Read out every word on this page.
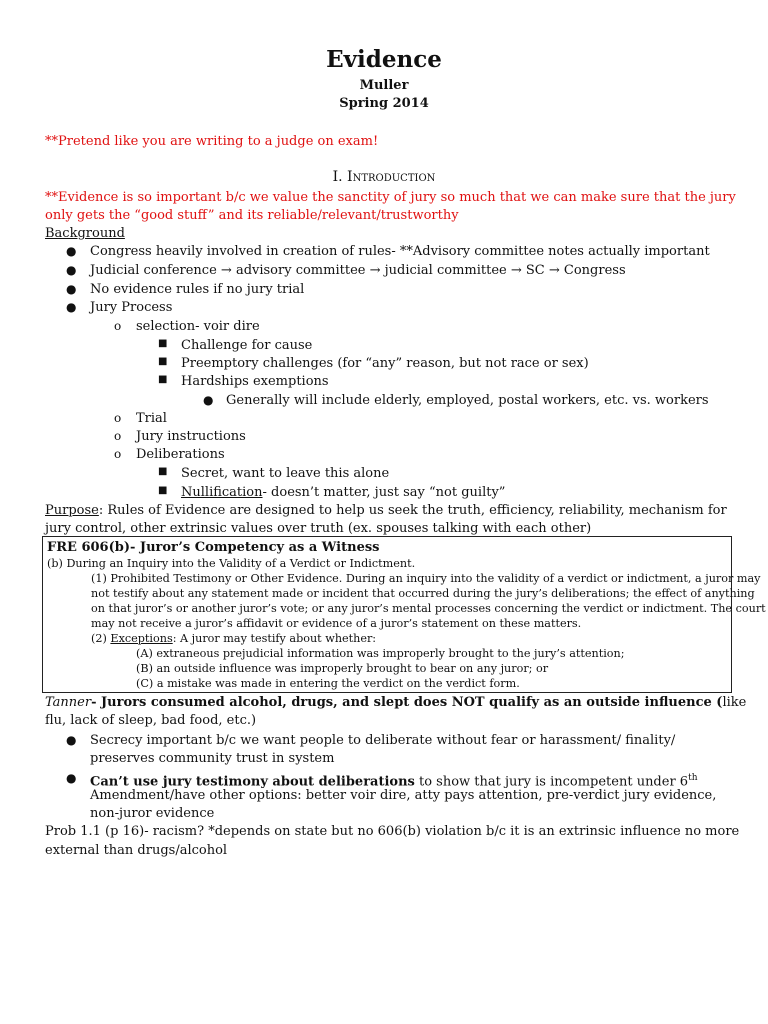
Evidence
Muller
Spring 2014
**Pretend like you are writing to a judge on exam!
I. Introduction
**Evidence is so important b/c we value the sanctity of jury so much that we can make sure that the jury
only gets the “good stuff” and its reliable/relevant/trustworthy
Background
● Congress heavily involved in creation of rules- **Advisory committee notes actually important
● Judicial conference → advisory committee → judicial committee → SC → Congress
● No evidence rules if no jury trial
● Jury Process
o selection- voir dire
■ Challenge for cause
■ Preemptory challenges (for “any” reason, but not race or sex)
■ Hardships exemptions
● Generally will include elderly, employed, postal workers, etc. vs. workers
o Trial
o Jury instructions
o Deliberations
■ Secret, want to leave this alone
■ Nullification- doesn’t matter, just say “not guilty”
Purpose: Rules of Evidence are designed to help us seek the truth, efficiency, reliability, mechanism for
jury control, other extrinsic values over truth (ex. spouses talking with each other)
FRE 606(b)- Juror’s Competency as a Witness
(b) During an Inquiry into the Validity of a Verdict or Indictment.
(1) Prohibited Testimony or Other Evidence. During an inquiry into the validity of a verdict or indictment, a juror may
not testify about any statement made or incident that occurred during the jury’s deliberations; the effect of anything
on that juror’s or another juror’s vote; or any juror’s mental processes concerning the verdict or indictment. The court
may not receive a juror’s affidavit or evidence of a juror’s statement on these matters.
(2) Exceptions: A juror may testify about whether:
(A) extraneous prejudicial information was improperly brought to the jury’s attention;
(B) an outside influence was improperly brought to bear on any juror; or
(C) a mistake was made in entering the verdict on the verdict form.
Tanner- Jurors consumed alcohol, drugs, and slept does NOT qualify as an outside influence (like
flu, lack of sleep, bad food, etc.)
● Secrecy important b/c we want people to deliberate without fear or harassment/ finality/
preserves community trust in system
● Can’t use jury testimony about deliberations to show that jury is incompetent under 6th
Amendment/have other options: better voir dire, atty pays attention, pre-verdict jury evidence,
non-juror evidence
Prob 1.1 (p 16)- racism? *depends on state but no 606(b) violation b/c it is an extrinsic influence no more
external than drugs/alcohol
